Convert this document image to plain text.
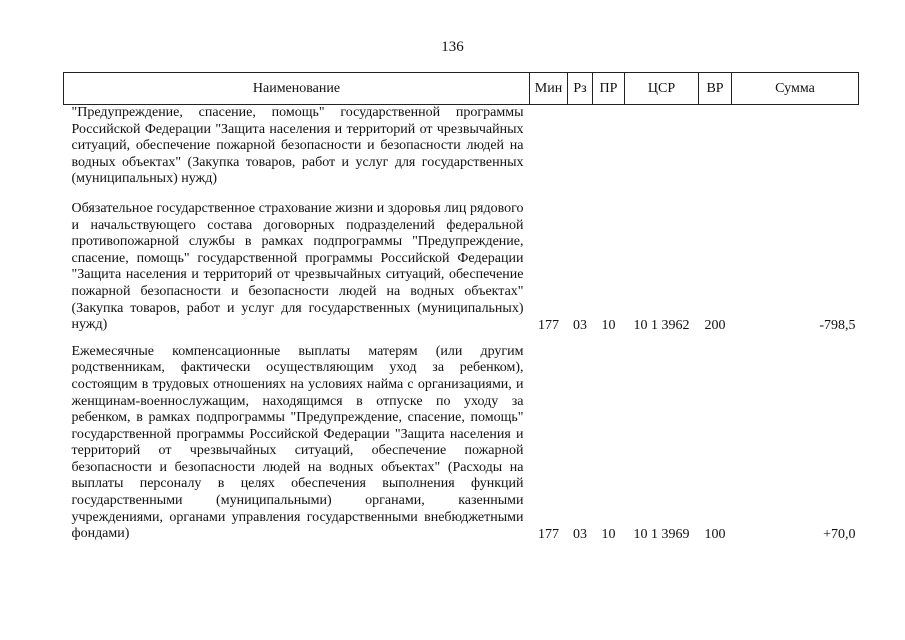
136
Наименование	Мин	Рз	ПР	ЦСР	ВР	Сумма
"Предупреждение, спасение, помощь" государственной программы Российской Федерации "Защита населения и территорий от чрезвычайных ситуаций, обеспечение пожарной безопасности и безопасности людей на водных объектах" (Закупка товаров, работ и услуг для государственных (муниципальных) нужд)						
Обязательное государственное страхование жизни и здоровья лиц рядового и начальствующего состава договорных подразделений федеральной противопожарной службы в рамках подпрограммы "Предупреждение, спасение, помощь" государственной программы Российской Федерации "Защита населения и территорий от чрезвычайных ситуаций, обеспечение пожарной безопасности и безопасности людей на водных объектах" (Закупка товаров, работ и услуг для государственных (муниципальных) нужд)	177	03	10	10 1 3962	200	-798,5
Ежемесячные компенсационные выплаты матерям (или другим родственникам, фактически осуществляющим уход за ребенком), состоящим в трудовых отношениях на условиях найма с организациями, и женщинам-военнослужащим, находящимся в отпуске по уходу за ребенком, в рамках подпрограммы "Предупреждение, спасение, помощь" государственной программы Российской Федерации "Защита населения и территорий от чрезвычайных ситуаций, обеспечение пожарной безопасности и безопасности людей на водных объектах" (Расходы на выплаты персоналу в целях обеспечения выполнения функций государственными (муниципальными) органами, казенными учреждениями, органами управления государственными внебюджетными фондами)	177	03	10	10 1 3969	100	+70,0
